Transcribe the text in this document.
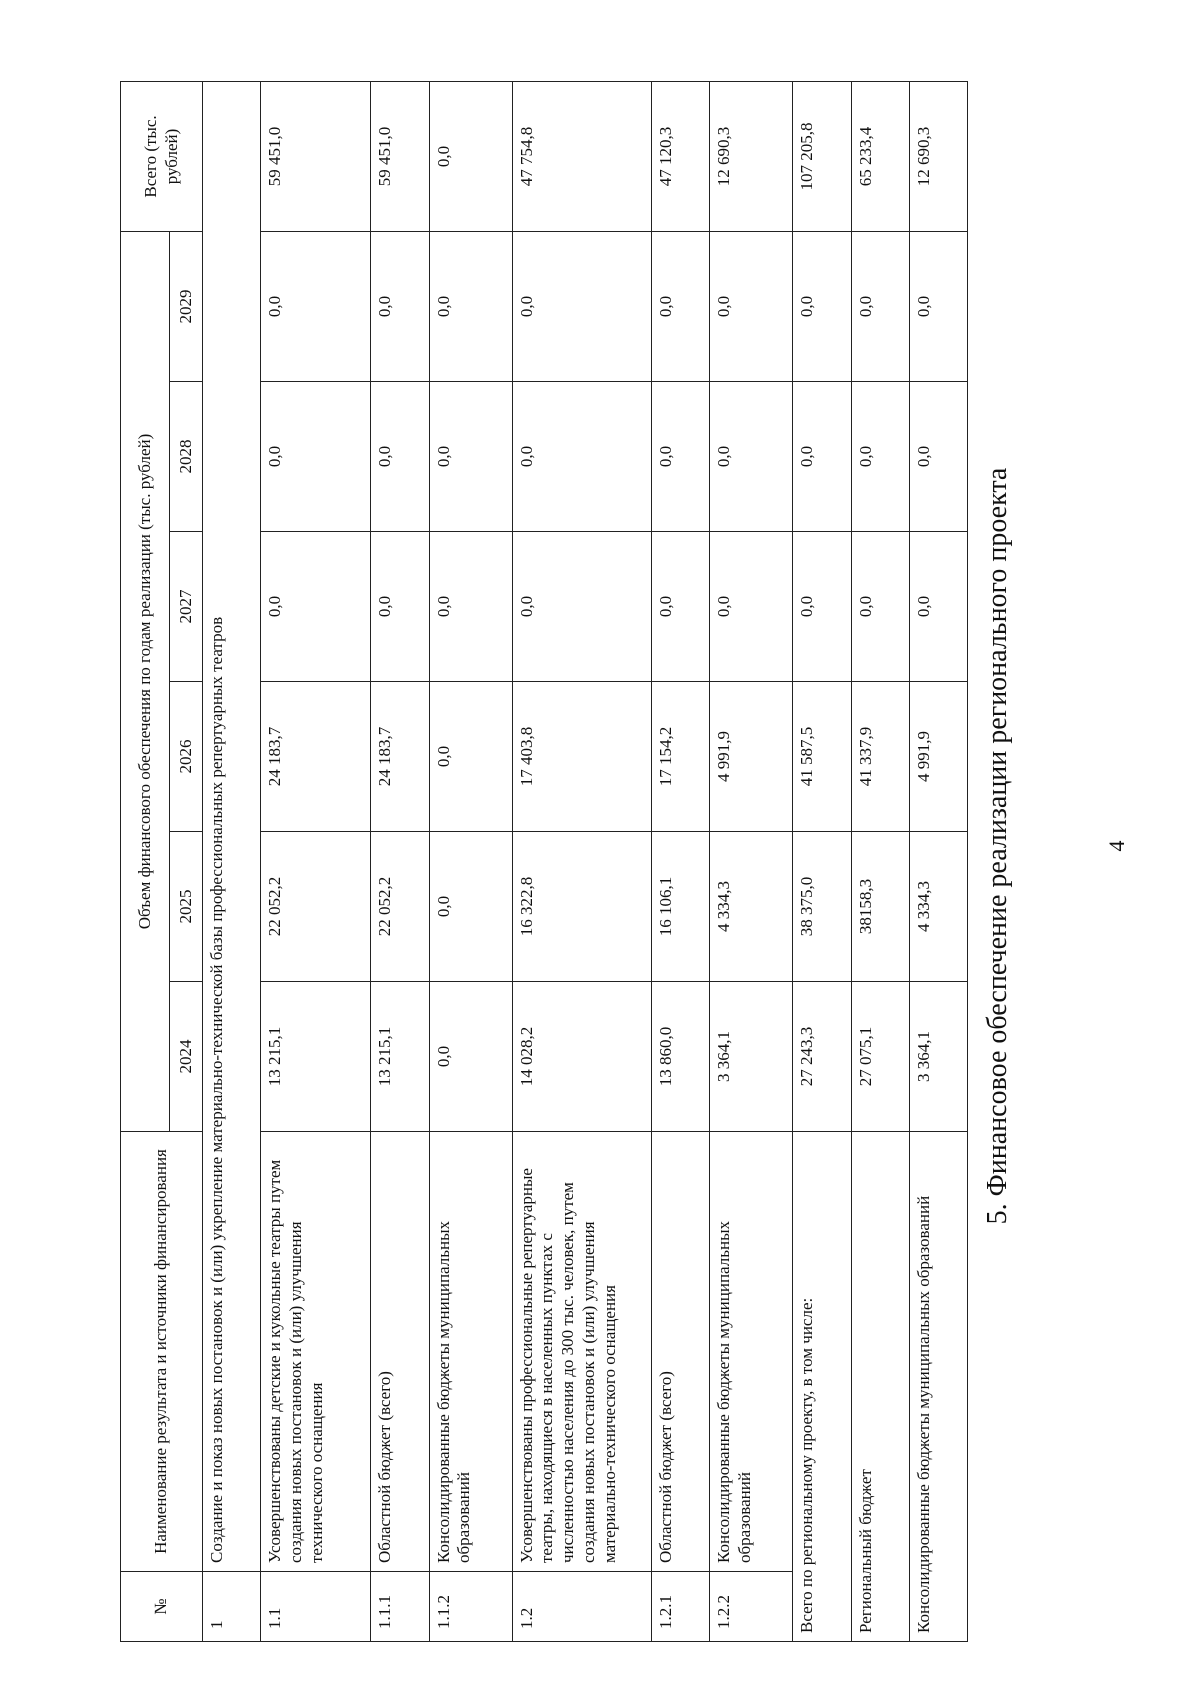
4

5. Финансовое обеспечение реализации регионального проекта
№	Наименование результата и источники финансирования	Объем финансового обеспечения по годам реализации (тыс. рублей)						Всего (тыс. рублей)
		2024	2025	2026	2027	2028	2029	
1	Создание и показ новых постановок и (или) укрепление материально-технической базы профессиональных репертуарных театров							
1.1	Усовершенствованы детские и кукольные театры путем создания новых постановок и (или) улучшения технического оснащения	13 215,1	22 052,2	24 183,7	0,0	0,0	0,0	59 451,0
1.1.1	Областной бюджет (всего)	13 215,1	22 052,2	24 183,7	0,0	0,0	0,0	59 451,0
1.1.2	Консолидированные бюджеты муниципальных образований	0,0	0,0	0,0	0,0	0,0	0,0	0,0
1.2	Усовершенствованы профессиональные репертуарные театры, находящиеся в населенных пунктах с численностью населения до 300 тыс. человек, путем создания новых постановок и (или) улучшения материально-технического оснащения	14 028,2	16 322,8	17 403,8	0,0	0,0	0,0	47 754,8
1.2.1	Областной бюджет (всего)	13 860,0	16 106,1	17 154,2	0,0	0,0	0,0	47 120,3
1.2.2	Консолидированные бюджеты муниципальных образований	3 364,1	4 334,3	4 991,9	0,0	0,0	0,0	12 690,3
Всего по региональному проекту, в том числе:		27 243,3	38 375,0	41 587,5	0,0	0,0	0,0	107 205,8
Региональный бюджет		27 075,1	38158,3	41 337,9	0,0	0,0	0,0	65 233,4
Консолидированные бюджеты муниципальных образований		3 364,1	4 334,3	4 991,9	0,0	0,0	0,0	12 690,3
